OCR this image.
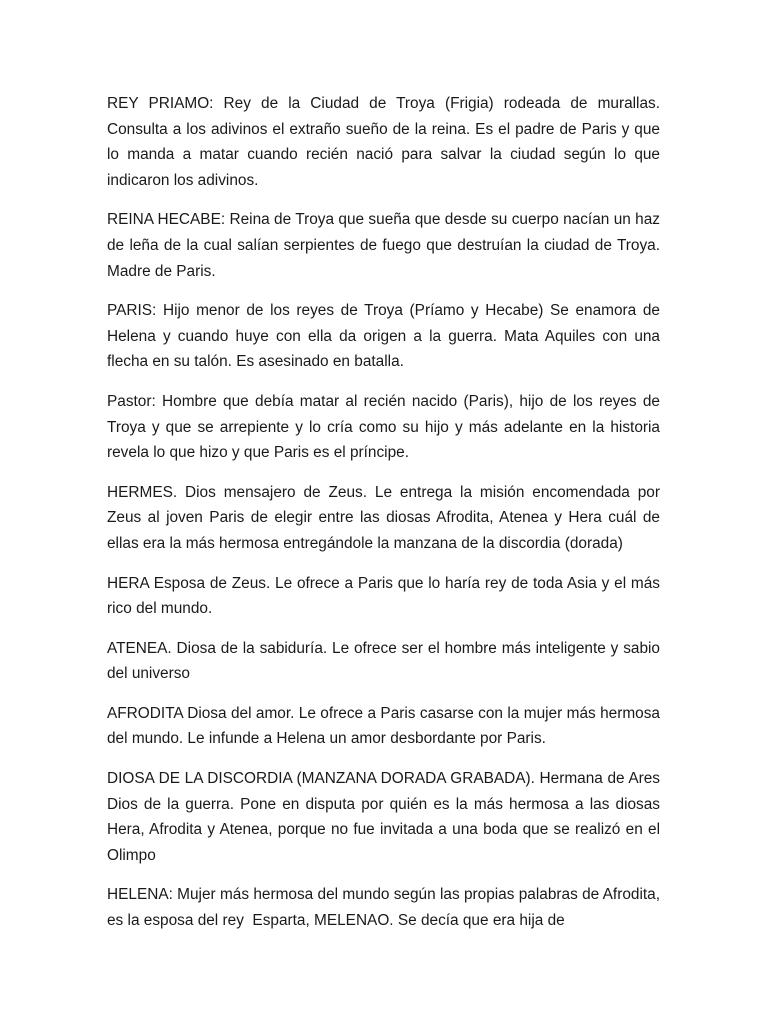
REY PRIAMO: Rey de la Ciudad de Troya (Frigia) rodeada de murallas. Consulta a los adivinos el extraño sueño de la reina. Es el padre de Paris y que lo manda a matar cuando recién nació para salvar la ciudad según lo que indicaron los adivinos.

REINA HECABE: Reina de Troya que sueña que desde su cuerpo nacían un haz de leña de la cual salían serpientes de fuego que destruían la ciudad de Troya. Madre de Paris.

PARIS: Hijo menor de los reyes de Troya (Príamo y Hecabe) Se enamora de Helena y cuando huye con ella da origen a la guerra. Mata Aquiles con una flecha en su talón. Es asesinado en batalla.

Pastor: Hombre que debía matar al recién nacido (Paris), hijo de los reyes de Troya y que se arrepiente y lo cría como su hijo y más adelante en la historia revela lo que hizo y que Paris es el príncipe.

HERMES. Dios mensajero de Zeus. Le entrega la misión encomendada por Zeus al joven Paris de elegir entre las diosas Afrodita, Atenea y Hera cuál de ellas era la más hermosa entregándole la manzana de la discordia (dorada)

HERA Esposa de Zeus. Le ofrece a Paris que lo haría rey de toda Asia y el más rico del mundo.

ATENEA. Diosa de la sabiduría. Le ofrece ser el hombre más inteligente y sabio del universo

AFRODITA Diosa del amor. Le ofrece a Paris casarse con la mujer más hermosa del mundo. Le infunde a Helena un amor desbordante por Paris.

DIOSA DE LA DISCORDIA (MANZANA DORADA GRABADA). Hermana de Ares Dios de la guerra. Pone en disputa por quién es la más hermosa a las diosas Hera, Afrodita y Atenea, porque no fue invitada a una boda que se realizó en el Olimpo

HELENA: Mujer más hermosa del mundo según las propias palabras de Afrodita, es la esposa del rey  Esparta, MELENAO. Se decía que era hija de
